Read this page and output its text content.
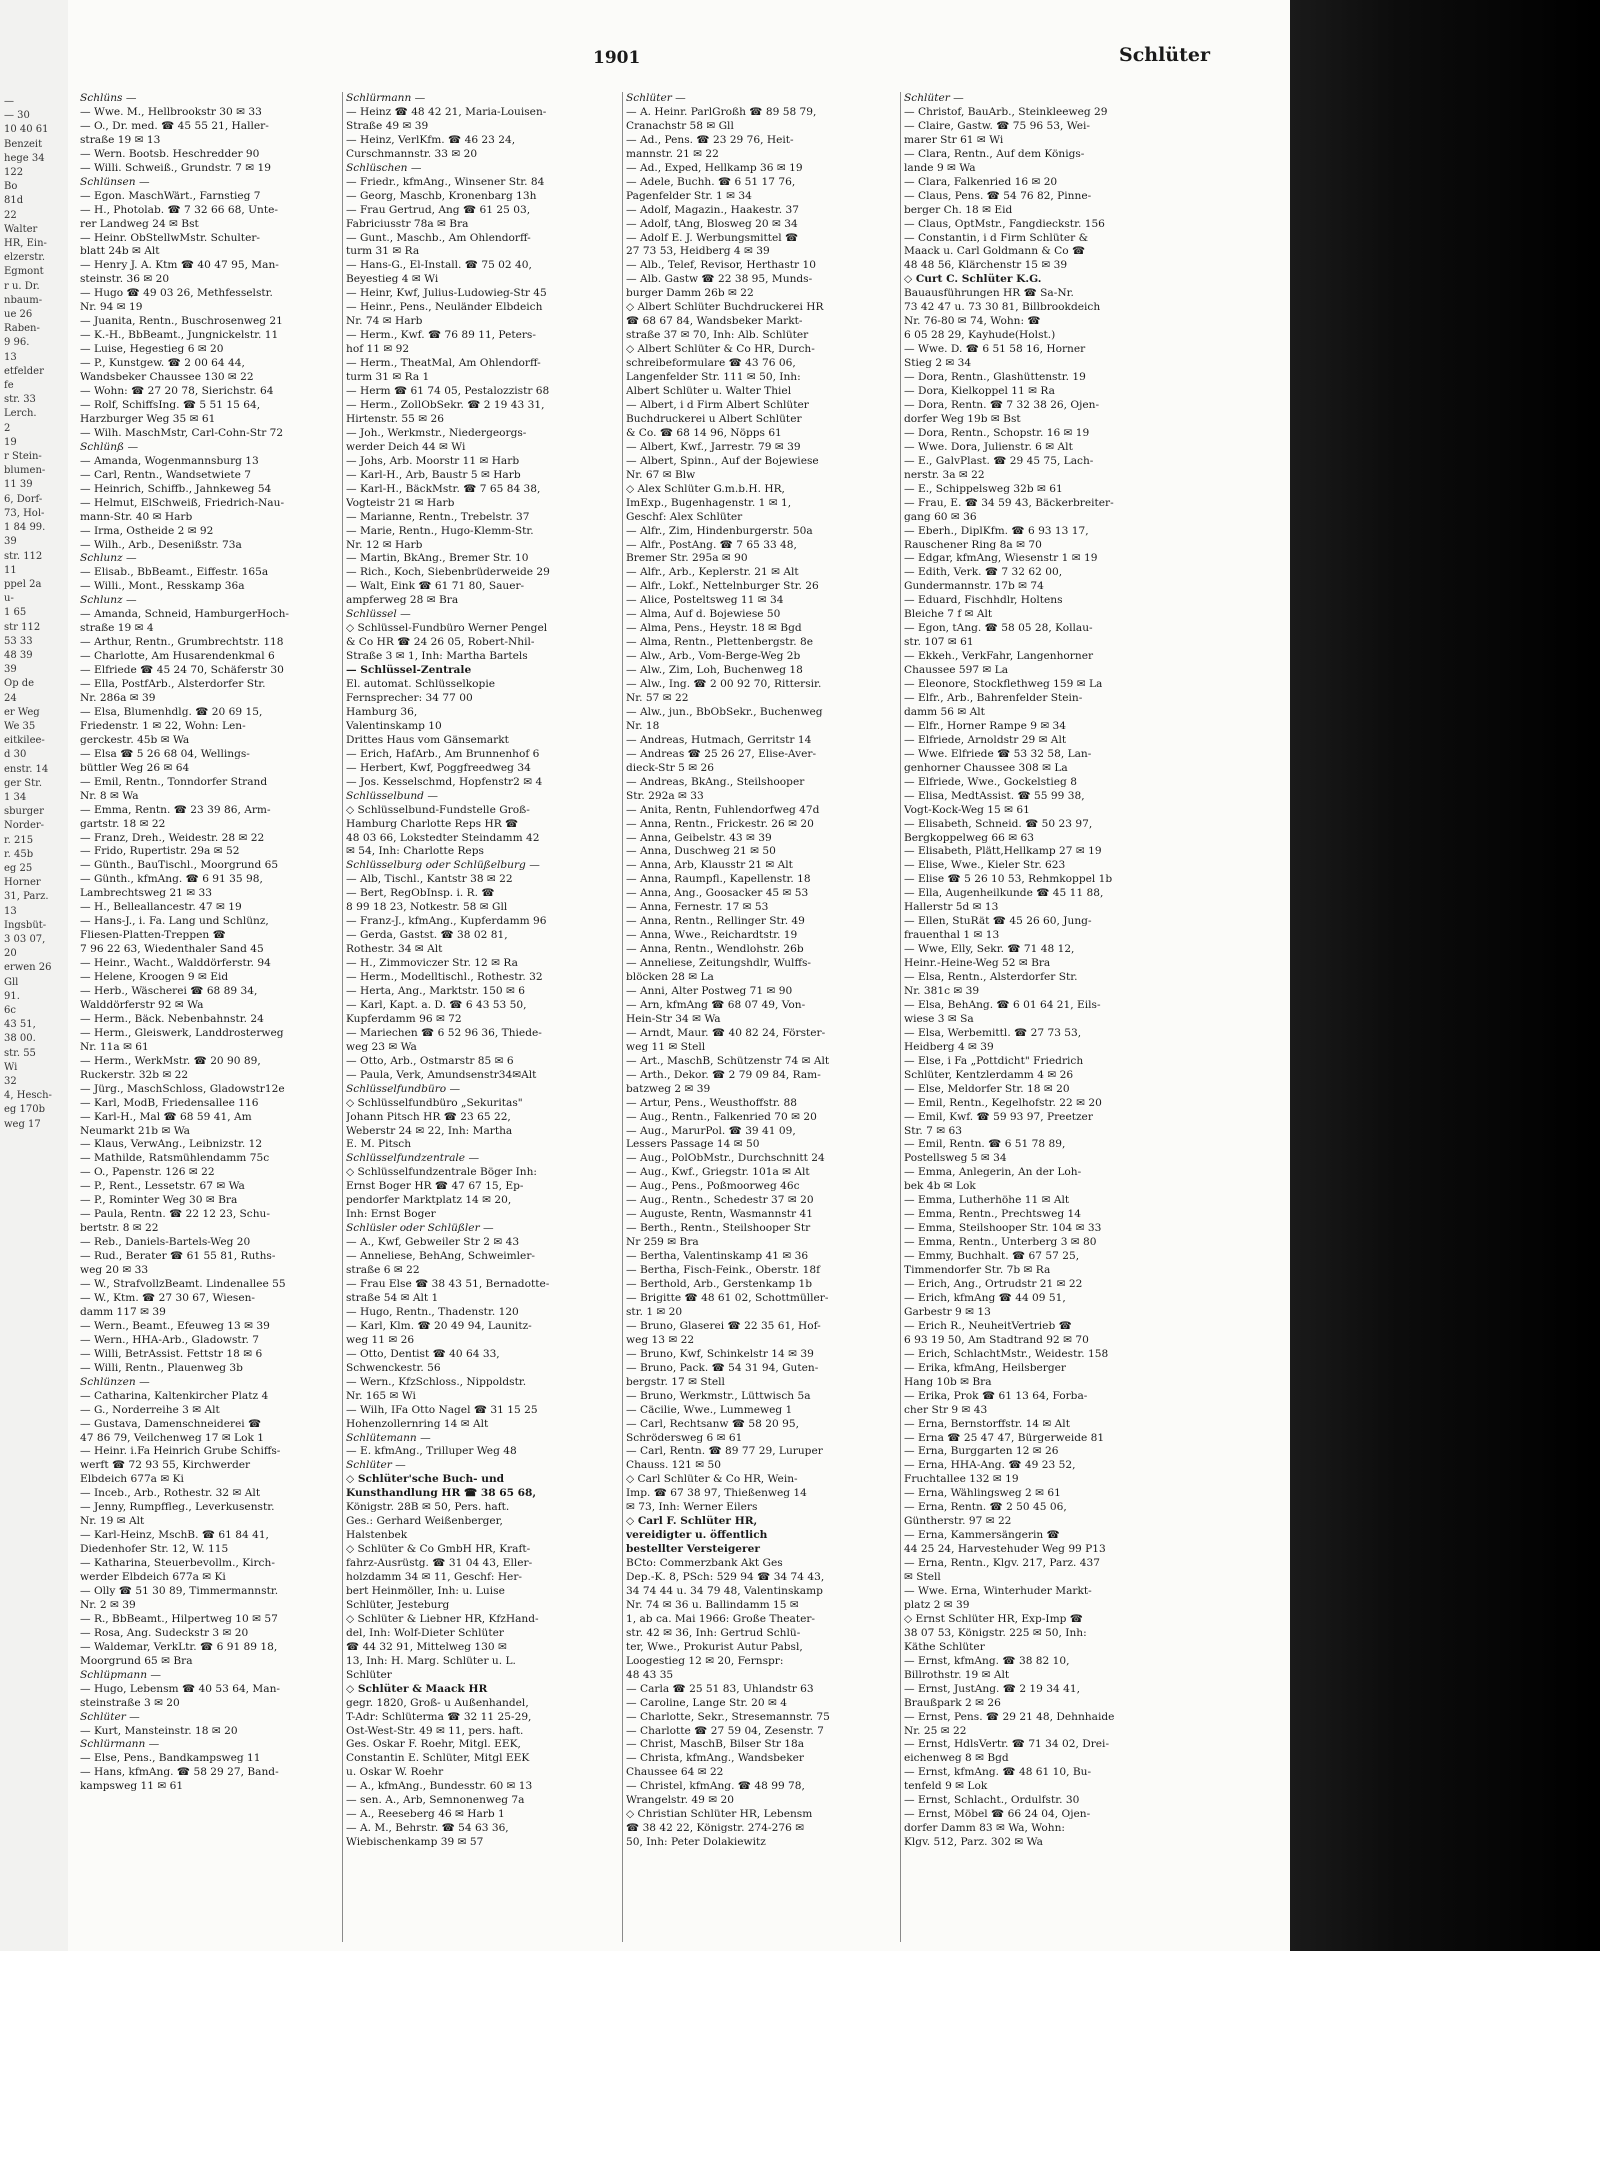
—
— 30
10 40 61
Benzeit
hege 34
122
Bo
81d
22
Walter
HR, Ein-
elzerstr.
Egmont
r u. Dr.
nbaum-
ue 26
Raben-
9 96.
13
etfelder
fe
str. 33
Lerch.
2
19
r Stein-
blumen-
11 39
6, Dorf-
73, Hol-
1 84 99.
39
str. 112
11
ppel 2a
u-
1 65
str 112
53 33
48 39
39
Op de
24
er Weg
We 35
eitkilee-
d 30
enstr. 14
ger Str.
1 34
sburger
Norder-
r. 215
r. 45b
eg 25
Horner
31, Parz.
13
Ingsbüt-
3 03 07,
20
erwen 26
Gll
91.
6c
43 51,
38 00.
str. 55
Wi
32
4, Hesch-
eg 170b
weg 17
1901	Schlüter
Schlüns —
— Wwe. M., Hellbrookstr 30 ✉ 33
— O., Dr. med. ☎ 45 55 21, Haller-
straße 19 ✉ 13
— Wern. Bootsb. Heschredder 90
— Willi. Schweiß., Grundstr. 7 ✉ 19
Schlünsen —
— Egon. MaschWärt., Farnstieg 7
— H., Photolab. ☎ 7 32 66 68, Unte-
rer Landweg 24 ✉ Bst
— Heinr. ObStellwMstr. Schulter-
blatt 24b ✉ Alt
— Henry J. A. Ktm ☎ 40 47 95, Man-
steinstr. 36 ✉ 20
— Hugo ☎ 49 03 26, Methfesselstr.
Nr. 94 ✉ 19
— Juanita, Rentn., Buschrosenweg 21
— K.-H., BbBeamt., Jungnickelstr. 11
— Luise, Hegestieg 6 ✉ 20
— P., Kunstgew. ☎ 2 00 64 44,
Wandsbeker Chaussee 130 ✉ 22
— Wohn: ☎ 27 20 78, Sierichstr. 64
— Rolf, SchiffsIng. ☎ 5 51 15 64,
Harzburger Weg 35 ✉ 61
— Wilh. MaschMstr, Carl-Cohn-Str 72
Schlünß —
— Amanda, Wogenmannsburg 13
— Carl, Rentn., Wandsetwiete 7
— Heinrich, Schiffb., Jahnkeweg 54
— Helmut, ElSchweiß, Friedrich-Nau-
mann-Str. 40 ✉ Harb
— Irma, Ostheide 2 ✉ 92
— Wilh., Arb., Desenißstr. 73a
Schlunz —
— Elisab., BbBeamt., Eiffestr. 165a
— Willi., Mont., Resskamp 36a
Schlunz —
— Amanda, Schneid, HamburgerHoch-
straße 19 ✉ 4
— Arthur, Rentn., Grumbrechtstr. 118
— Charlotte, Am Husarendenkmal 6
— Elfriede ☎ 45 24 70, Schäferstr 30
— Ella, PostfArb., Alsterdorfer Str.
Nr. 286a ✉ 39
— Elsa, Blumenhdlg. ☎ 20 69 15,
Friedenstr. 1 ✉ 22, Wohn: Len-
gerckestr. 45b ✉ Wa
— Elsa ☎ 5 26 68 04, Wellings-
büttler Weg 26 ✉ 64
— Emil, Rentn., Tonndorfer Strand
Nr. 8 ✉ Wa
— Emma, Rentn. ☎ 23 39 86, Arm-
gartstr. 18 ✉ 22
— Franz, Dreh., Weidestr. 28 ✉ 22
— Frido, Rupertistr. 29a ✉ 52
— Günth., BauTischl., Moorgrund 65
— Günth., kfmAng. ☎ 6 91 35 98,
Lambrechtsweg 21 ✉ 33
— H., Belleallancestr. 47 ✉ 19
— Hans-J., i. Fa. Lang und Schlünz,
Fliesen-Platten-Treppen ☎
7 96 22 63, Wiedenthaler Sand 45
— Heinr., Wacht., Walddörferstr. 94
— Helene, Kroogen 9 ✉ Eid
— Herb., Wäscherei ☎ 68 89 34,
Walddörferstr 92 ✉ Wa
— Herm., Bäck. Nebenbahnstr. 24
— Herm., Gleiswerk, Landdrosterweg
Nr. 11a ✉ 61
— Herm., WerkMstr. ☎ 20 90 89,
Ruckerstr. 32b ✉ 22
— Jürg., MaschSchloss, Gladowstr12e
— Karl, ModB, Friedensallee 116
— Karl-H., Mal ☎ 68 59 41, Am
Neumarkt 21b ✉ Wa
— Klaus, VerwAng., Leibnizstr. 12
— Mathilde, Ratsmühlendamm 75c
— O., Papenstr. 126 ✉ 22
— P., Rent., Lessetstr. 67 ✉ Wa
— P., Rominter Weg 30 ✉ Bra
— Paula, Rentn. ☎ 22 12 23, Schu-
bertstr. 8 ✉ 22
— Reb., Daniels-Bartels-Weg 20
— Rud., Berater ☎ 61 55 81, Ruths-
weg 20 ✉ 33
— W., StrafvollzBeamt. Lindenallee 55
— W., Ktm. ☎ 27 30 67, Wiesen-
damm 117 ✉ 39
— Wern., Beamt., Efeuweg 13 ✉ 39
— Wern., HHA-Arb., Gladowstr. 7
— Willi, BetrAssist. Fettstr 18 ✉ 6
— Willi, Rentn., Plauenweg 3b
Schlünzen —
— Catharina, Kaltenkircher Platz 4
— G., Norderreihe 3 ✉ Alt
— Gustava, Damenschneiderei ☎
47 86 79, Veilchenweg 17 ✉ Lok 1
— Heinr. i.Fa Heinrich Grube Schiffs-
werft ☎ 72 93 55, Kirchwerder
Elbdeich 677a ✉ Ki
— Inceb., Arb., Rothestr. 32 ✉ Alt
— Jenny, Rumpffleg., Leverkusenstr.
Nr. 19 ✉ Alt
— Karl-Heinz, MschB. ☎ 61 84 41,
Diedenhofer Str. 12, W. 115
— Katharina, Steuerbevollm., Kirch-
werder Elbdeich 677a ✉ Ki
— Olly ☎ 51 30 89, Timmermannstr.
Nr. 2 ✉ 39
— R., BbBeamt., Hilpertweg 10 ✉ 57
— Rosa, Ang. Sudeckstr 3 ✉ 20
— Waldemar, VerkLtr. ☎ 6 91 89 18,
Moorgrund 65 ✉ Bra
Schlüpmann —
— Hugo, Lebensm ☎ 40 53 64, Man-
steinstraße 3 ✉ 20
Schlüter —
— Kurt, Mansteinstr. 18 ✉ 20
Schlürmann —
— Else, Pens., Bandkampsweg 11
— Hans, kfmAng. ☎ 58 29 27, Band-
kampsweg 11 ✉ 61
Schlürmann —
— Heinz ☎ 48 42 21, Maria-Louisen-
Straße 49 ✉ 39
— Heinz, VerlKfm. ☎ 46 23 24,
Curschmannstr. 33 ✉ 20
Schlüschen —
— Friedr., kfmAng., Winsener Str. 84
— Georg, Maschb, Kronenbarg 13h
— Frau Gertrud, Ang ☎ 61 25 03,
Fabriciusstr 78a ✉ Bra
— Gunt., Maschb., Am Ohlendorff-
turm 31 ✉ Ra
— Hans-G., El-Install. ☎ 75 02 40,
Beyestieg 4 ✉ Wi
— Heinr, Kwf, Julius-Ludowieg-Str 45
— Heinr., Pens., Neuländer Elbdeich
Nr. 74 ✉ Harb
— Herm., Kwf. ☎ 76 89 11, Peters-
hof 11 ✉ 92
— Herm., TheatMal, Am Ohlendorff-
turm 31 ✉ Ra 1
— Herm ☎ 61 74 05, Pestalozzistr 68
— Herm., ZollObSekr. ☎ 2 19 43 31,
Hirtenstr. 55 ✉ 26
— Joh., Werkmstr., Niedergeorgs-
werder Deich 44 ✉ Wi
— Johs, Arb. Moorstr 11 ✉ Harb
— Karl-H., Arb, Baustr 5 ✉ Harb
— Karl-H., BäckMstr. ☎ 7 65 84 38,
Vogteistr 21 ✉ Harb
— Marianne, Rentn., Trebelstr. 37
— Marie, Rentn., Hugo-Klemm-Str.
Nr. 12 ✉ Harb
— Martin, BkAng., Bremer Str. 10
— Rich., Koch, Siebenbrüderweide 29
— Walt, Eink ☎ 61 71 80, Sauer-
ampferweg 28 ✉ Bra
Schlüssel —
◇ Schlüssel-Fundbüro Werner Pengel
& Co HR ☎ 24 26 05, Robert-Nhil-
Straße 3 ✉ 1, Inh: Martha Bartels
— Schlüssel-Zentrale
El. automat. Schlüsselkopie
Fernsprecher: 34 77 00
Hamburg 36,
Valentinskamp 10
Drittes Haus vom Gänsemarkt
— Erich, HafArb., Am Brunnenhof 6
— Herbert, Kwf, Poggfreedweg 34
— Jos. Kesselschmd, Hopfenstr2 ✉ 4
Schlüsselbund —
◇ Schlüsselbund-Fundstelle Groß-
Hamburg Charlotte Reps HR ☎
48 03 66, Lokstedter Steindamm 42
✉ 54, Inh: Charlotte Reps
Schlüsselburg oder Schlüßelburg —
— Alb, Tischl., Kantstr 38 ✉ 22
— Bert, RegObInsp. i. R. ☎
8 99 18 23, Notkestr. 58 ✉ Gll
— Franz-J., kfmAng., Kupferdamm 96
— Gerda, Gastst. ☎ 38 02 81,
Rothestr. 34 ✉ Alt
— H., Zimmoviczer Str. 12 ✉ Ra
— Herm., Modelltischl., Rothestr. 32
— Herta, Ang., Marktstr. 150 ✉ 6
— Karl, Kapt. a. D. ☎ 6 43 53 50,
Kupferdamm 96 ✉ 72
— Mariechen ☎ 6 52 96 36, Thiede-
weg 23 ✉ Wa
— Otto, Arb., Ostmarstr 85 ✉ 6
— Paula, Verk, Amundsenstr34✉Alt
Schlüsselfundbüro —
◇ Schlüsselfundbüro „Sekuritas"
Johann Pitsch HR ☎ 23 65 22,
Weberstr 24 ✉ 22, Inh: Martha
E. M. Pitsch
Schlüsselfundzentrale —
◇ Schlüsselfundzentrale Böger Inh:
Ernst Boger HR ☎ 47 67 15, Ep-
pendorfer Marktplatz 14 ✉ 20,
Inh: Ernst Boger
Schlüsler oder Schlüßler —
— A., Kwf, Gebweiler Str 2 ✉ 43
— Anneliese, BehAng, Schweimler-
straße 6 ✉ 22
— Frau Else ☎ 38 43 51, Bernadotte-
straße 54 ✉ Alt 1
— Hugo, Rentn., Thadenstr. 120
— Karl, Klm. ☎ 20 49 94, Launitz-
weg 11 ✉ 26
— Otto, Dentist ☎ 40 64 33,
Schwenckestr. 56
— Wern., KfzSchloss., Nippoldstr.
Nr. 165 ✉ Wi
— Wilh, IFa Otto Nagel ☎ 31 15 25
Hohenzollernring 14 ✉ Alt
Schlütemann —
— E. kfmAng., Trilluper Weg 48
Schlüter —
◇ Schlüter'sche Buch- und
Kunsthandlung HR ☎ 38 65 68,
Königstr. 28B ✉ 50, Pers. haft.
Ges.: Gerhard Weißenberger,
Halstenbek
◇ Schlüter & Co GmbH HR, Kraft-
fahrz-Ausrüstg. ☎ 31 04 43, Eller-
holzdamm 34 ✉ 11, Geschf: Her-
bert Heinmöller, Inh: u. Luise
Schlüter, Jesteburg
◇ Schlüter & Liebner HR, KfzHand-
del, Inh: Wolf-Dieter Schlüter
☎ 44 32 91, Mittelweg 130 ✉
13, Inh: H. Marg. Schlüter u. L.
Schlüter
◇ Schlüter & Maack HR
gegr. 1820, Groß- u Außenhandel,
T-Adr: Schlüterma ☎ 32 11 25-29,
Ost-West-Str. 49 ✉ 11, pers. haft.
Ges. Oskar F. Roehr, Mitgl. EEK,
Constantin E. Schlüter, Mitgl EEK
u. Oskar W. Roehr
— A., kfmAng., Bundesstr. 60 ✉ 13
— sen. A., Arb, Semnonenweg 7a
— A., Reeseberg 46 ✉ Harb 1
— A. M., Behrstr. ☎ 54 63 36,
Wiebischenkamp 39 ✉ 57
Schlüter —
— A. Heinr. ParlGroßh ☎ 89 58 79,
Cranachstr 58 ✉ Gll
— Ad., Pens. ☎ 23 29 76, Heit-
mannstr. 21 ✉ 22
— Ad., Exped, Hellkamp 36 ✉ 19
— Adele, Buchh. ☎ 6 51 17 76,
Pagenfelder Str. 1 ✉ 34
— Adolf, Magazin., Haakestr. 37
— Adolf, tAng, Blosweg 20 ✉ 34
— Adolf E. J. Werbungsmittel ☎
27 73 53, Heidberg 4 ✉ 39
— Alb., Telef, Revisor, Herthastr 10
— Alb. Gastw ☎ 22 38 95, Munds-
burger Damm 26b ✉ 22
◇ Albert Schlüter Buchdruckerei HR
☎ 68 67 84, Wandsbeker Markt-
straße 37 ✉ 70, Inh: Alb. Schlüter
◇ Albert Schlüter & Co HR, Durch-
schreibeformulare ☎ 43 76 06,
Langenfelder Str. 111 ✉ 50, Inh:
Albert Schlüter u. Walter Thiel
— Albert, i d Firm Albert Schlüter
Buchdruckerei u Albert Schlüter
& Co. ☎ 68 14 96, Nöpps 61
— Albert, Kwf., Jarrestr. 79 ✉ 39
— Albert, Spinn., Auf der Bojewiese
Nr. 67 ✉ Blw
◇ Alex Schlüter G.m.b.H. HR,
ImExp., Bugenhagenstr. 1 ✉ 1,
Geschf: Alex Schlüter
— Alfr., Zim, Hindenburgerstr. 50a
— Alfr., PostAng. ☎ 7 65 33 48,
Bremer Str. 295a ✉ 90
— Alfr., Arb., Keplerstr. 21 ✉ Alt
— Alfr., Lokf., Nettelnburger Str. 26
— Alice, Posteltsweg 11 ✉ 34
— Alma, Auf d. Bojewiese 50
— Alma, Pens., Heystr. 18 ✉ Bgd
— Alma, Rentn., Plettenbergstr. 8e
— Alw., Arb., Vom-Berge-Weg 2b
— Alw., Zim, Loh, Buchenweg 18
— Alw., Ing. ☎ 2 00 92 70, Rittersir.
Nr. 57 ✉ 22
— Alw., jun., BbObSekr., Buchenweg
Nr. 18
— Andreas, Hutmach, Gerritstr 14
— Andreas ☎ 25 26 27, Elise-Aver-
dieck-Str 5 ✉ 26
— Andreas, BkAng., Steilshooper
Str. 292a ✉ 33
— Anita, Rentn, Fuhlendorfweg 47d
— Anna, Rentn., Frickestr. 26 ✉ 20
— Anna, Geibelstr. 43 ✉ 39
— Anna, Duschweg 21 ✉ 50
— Anna, Arb, Klausstr 21 ✉ Alt
— Anna, Raumpfl., Kapellenstr. 18
— Anna, Ang., Goosacker 45 ✉ 53
— Anna, Fernestr. 17 ✉ 53
— Anna, Rentn., Rellinger Str. 49
— Anna, Wwe., Reichardtstr. 19
— Anna, Rentn., Wendlohstr. 26b
— Anneliese, Zeitungshdlr, Wulffs-
blöcken 28 ✉ La
— Anni, Alter Postweg 71 ✉ 90
— Arn, kfmAng ☎ 68 07 49, Von-
Hein-Str 34 ✉ Wa
— Arndt, Maur. ☎ 40 82 24, Förster-
weg 11 ✉ Stell
— Art., MaschB, Schützenstr 74 ✉ Alt
— Arth., Dekor. ☎ 2 79 09 84, Ram-
batzweg 2 ✉ 39
— Artur, Pens., Weusthoffstr. 88
— Aug., Rentn., Falkenried 70 ✉ 20
— Aug., MarurPol. ☎ 39 41 09,
Lessers Passage 14 ✉ 50
— Aug., PolObMstr., Durchschnitt 24
— Aug., Kwf., Griegstr. 101a ✉ Alt
— Aug., Pens., Poßmoorweg 46c
— Aug., Rentn., Schedestr 37 ✉ 20
— Auguste, Rentn, Wasmannstr 41
— Berth., Rentn., Steilshooper Str
Nr 259 ✉ Bra
— Bertha, Valentinskamp 41 ✉ 36
— Bertha, Fisch-Feink., Oberstr. 18f
— Berthold, Arb., Gerstenkamp 1b
— Brigitte ☎ 48 61 02, Schottmüller-
str. 1 ✉ 20
— Bruno, Glaserei ☎ 22 35 61, Hof-
weg 13 ✉ 22
— Bruno, Kwf, Schinkelstr 14 ✉ 39
— Bruno, Pack. ☎ 54 31 94, Guten-
bergstr. 17 ✉ Stell
— Bruno, Werkmstr., Lüttwisch 5a
— Cäcilie, Wwe., Lummeweg 1
— Carl, Rechtsanw ☎ 58 20 95,
Schrödersweg 6 ✉ 61
— Carl, Rentn. ☎ 89 77 29, Luruper
Chauss. 121 ✉ 50
◇ Carl Schlüter & Co HR, Wein-
Imp. ☎ 67 38 97, Thießenweg 14
✉ 73, Inh: Werner Eilers
◇ Carl F. Schlüter HR,
vereidigter u. öffentlich
bestellter Versteigerer
BCto: Commerzbank Akt Ges
Dep.-K. 8, PSch: 529 94 ☎ 34 74 43,
34 74 44 u. 34 79 48, Valentinskamp
Nr. 74 ✉ 36 u. Ballindamm 15 ✉
1, ab ca. Mai 1966: Große Theater-
str. 42 ✉ 36, Inh: Gertrud Schlü-
ter, Wwe., Prokurist Autur Pabsl,
Loogestieg 12 ✉ 20, Fernspr:
48 43 35
— Carla ☎ 25 51 83, Uhlandstr 63
— Caroline, Lange Str. 20 ✉ 4
— Charlotte, Sekr., Stresemannstr. 75
— Charlotte ☎ 27 59 04, Zesenstr. 7
— Christ, MaschB, Bilser Str 18a
— Christa, kfmAng., Wandsbeker
Chaussee 64 ✉ 22
— Christel, kfmAng. ☎ 48 99 78,
Wrangelstr. 49 ✉ 20
◇ Christian Schlüter HR, Lebensm
☎ 38 42 22, Königstr. 274-276 ✉
50, Inh: Peter Dolakiewitz
Schlüter —
— Christof, BauArb., Steinkleeweg 29
— Claire, Gastw. ☎ 75 96 53, Wei-
marer Str 61 ✉ Wi
— Clara, Rentn., Auf dem Königs-
lande 9 ✉ Wa
— Clara, Falkenried 16 ✉ 20
— Claus, Pens. ☎ 54 76 82, Pinne-
berger Ch. 18 ✉ Eid
— Claus, OptMstr., Fangdieckstr. 156
— Constantin, i d Firm Schlüter &
Maack u. Carl Goldmann & Co ☎
48 48 56, Klärchenstr 15 ✉ 39
◇ Curt C. Schlüter K.G.
Bauausführungen HR ☎ Sa-Nr.
73 42 47 u. 73 30 81, Billbrookdeich
Nr. 76-80 ✉ 74, Wohn: ☎
6 05 28 29, Kayhude(Holst.)
— Wwe. D. ☎ 6 51 58 16, Horner
Stieg 2 ✉ 34
— Dora, Rentn., Glashüttenstr. 19
— Dora, Kielkoppel 11 ✉ Ra
— Dora, Rentn. ☎ 7 32 38 26, Ojen-
dorfer Weg 19b ✉ Bst
— Dora, Rentn., Schopstr. 16 ✉ 19
— Wwe. Dora, Julienstr. 6 ✉ Alt
— E., GalvPlast. ☎ 29 45 75, Lach-
nerstr. 3a ✉ 22
— E., Schippelsweg 32b ✉ 61
— Frau, E. ☎ 34 59 43, Bäckerbreiter-
gang 60 ✉ 36
— Eberh., DiplKfm. ☎ 6 93 13 17,
Rauschener Ring 8a ✉ 70
— Edgar, kfmAng, Wiesenstr 1 ✉ 19
— Edith, Verk. ☎ 7 32 62 00,
Gundermannstr. 17b ✉ 74
— Eduard, Fischhdlr, Holtens
Bleiche 7 f ✉ Alt
— Egon, tAng. ☎ 58 05 28, Kollau-
str. 107 ✉ 61
— Ekkeh., VerkFahr, Langenhorner
Chaussee 597 ✉ La
— Eleonore, Stockflethweg 159 ✉ La
— Elfr., Arb., Bahrenfelder Stein-
damm 56 ✉ Alt
— Elfr., Horner Rampe 9 ✉ 34
— Elfriede, Arnoldstr 29 ✉ Alt
— Wwe. Elfriede ☎ 53 32 58, Lan-
genhorner Chaussee 308 ✉ La
— Elfriede, Wwe., Gockelstieg 8
— Elisa, MedtAssist. ☎ 55 99 38,
Vogt-Kock-Weg 15 ✉ 61
— Elisabeth, Schneid. ☎ 50 23 97,
Bergkoppelweg 66 ✉ 63
— Elisabeth, Plätt,Hellkamp 27 ✉ 19
— Elise, Wwe., Kieler Str. 623
— Elise ☎ 5 26 10 53, Rehmkoppel 1b
— Ella, Augenheilkunde ☎ 45 11 88,
Hallerstr 5d ✉ 13
— Ellen, StuRät ☎ 45 26 60, Jung-
frauenthal 1 ✉ 13
— Wwe, Elly, Sekr. ☎ 71 48 12,
Heinr.-Heine-Weg 52 ✉ Bra
— Elsa, Rentn., Alsterdorfer Str.
Nr. 381c ✉ 39
— Elsa, BehAng. ☎ 6 01 64 21, Eils-
wiese 3 ✉ Sa
— Elsa, Werbemittl. ☎ 27 73 53,
Heidberg 4 ✉ 39
— Else, i Fa „Pottdicht" Friedrich
Schlüter, Kentzlerdamm 4 ✉ 26
— Else, Meldorfer Str. 18 ✉ 20
— Emil, Rentn., Kegelhofstr. 22 ✉ 20
— Emil, Kwf. ☎ 59 93 97, Preetzer
Str. 7 ✉ 63
— Emil, Rentn. ☎ 6 51 78 89,
Postellsweg 5 ✉ 34
— Emma, Anlegerin, An der Loh-
bek 4b ✉ Lok
— Emma, Lutherhöhe 11 ✉ Alt
— Emma, Rentn., Prechtsweg 14
— Emma, Steilshooper Str. 104 ✉ 33
— Emma, Rentn., Unterberg 3 ✉ 80
— Emmy, Buchhalt. ☎ 67 57 25,
Timmendorfer Str. 7b ✉ Ra
— Erich, Ang., Ortrudstr 21 ✉ 22
— Erich, kfmAng ☎ 44 09 51,
Garbestr 9 ✉ 13
— Erich R., NeuheitVertrieb ☎
6 93 19 50, Am Stadtrand 92 ✉ 70
— Erich, SchlachtMstr., Weidestr. 158
— Erika, kfmAng, Heilsberger
Hang 10b ✉ Bra
— Erika, Prok ☎ 61 13 64, Forba-
cher Str 9 ✉ 43
— Erna, Bernstorffstr. 14 ✉ Alt
— Erna ☎ 25 47 47, Bürgerweide 81
— Erna, Burggarten 12 ✉ 26
— Erna, HHA-Ang. ☎ 49 23 52,
Fruchtallee 132 ✉ 19
— Erna, Wählingsweg 2 ✉ 61
— Erna, Rentn. ☎ 2 50 45 06,
Güntherstr. 97 ✉ 22
— Erna, Kammersängerin ☎
44 25 24, Harvestehuder Weg 99 P13
— Erna, Rentn., Klgv. 217, Parz. 437
✉ Stell
— Wwe. Erna, Winterhuder Markt-
platz 2 ✉ 39
◇ Ernst Schlüter HR, Exp-Imp ☎
38 07 53, Königstr. 225 ✉ 50, Inh:
Käthe Schlüter
— Ernst, kfmAng. ☎ 38 82 10,
Billrothstr. 19 ✉ Alt
— Ernst, JustAng. ☎ 2 19 34 41,
Braußpark 2 ✉ 26
— Ernst, Pens. ☎ 29 21 48, Dehnhaide
Nr. 25 ✉ 22
— Ernst, HdlsVertr. ☎ 71 34 02, Drei-
eichenweg 8 ✉ Bgd
— Ernst, kfmAng. ☎ 48 61 10, Bu-
tenfeld 9 ✉ Lok
— Ernst, Schlacht., Ordulfstr. 30
— Ernst, Möbel ☎ 66 24 04, Ojen-
dorfer Damm 83 ✉ Wa, Wohn:
Klgv. 512, Parz. 302 ✉ Wa
